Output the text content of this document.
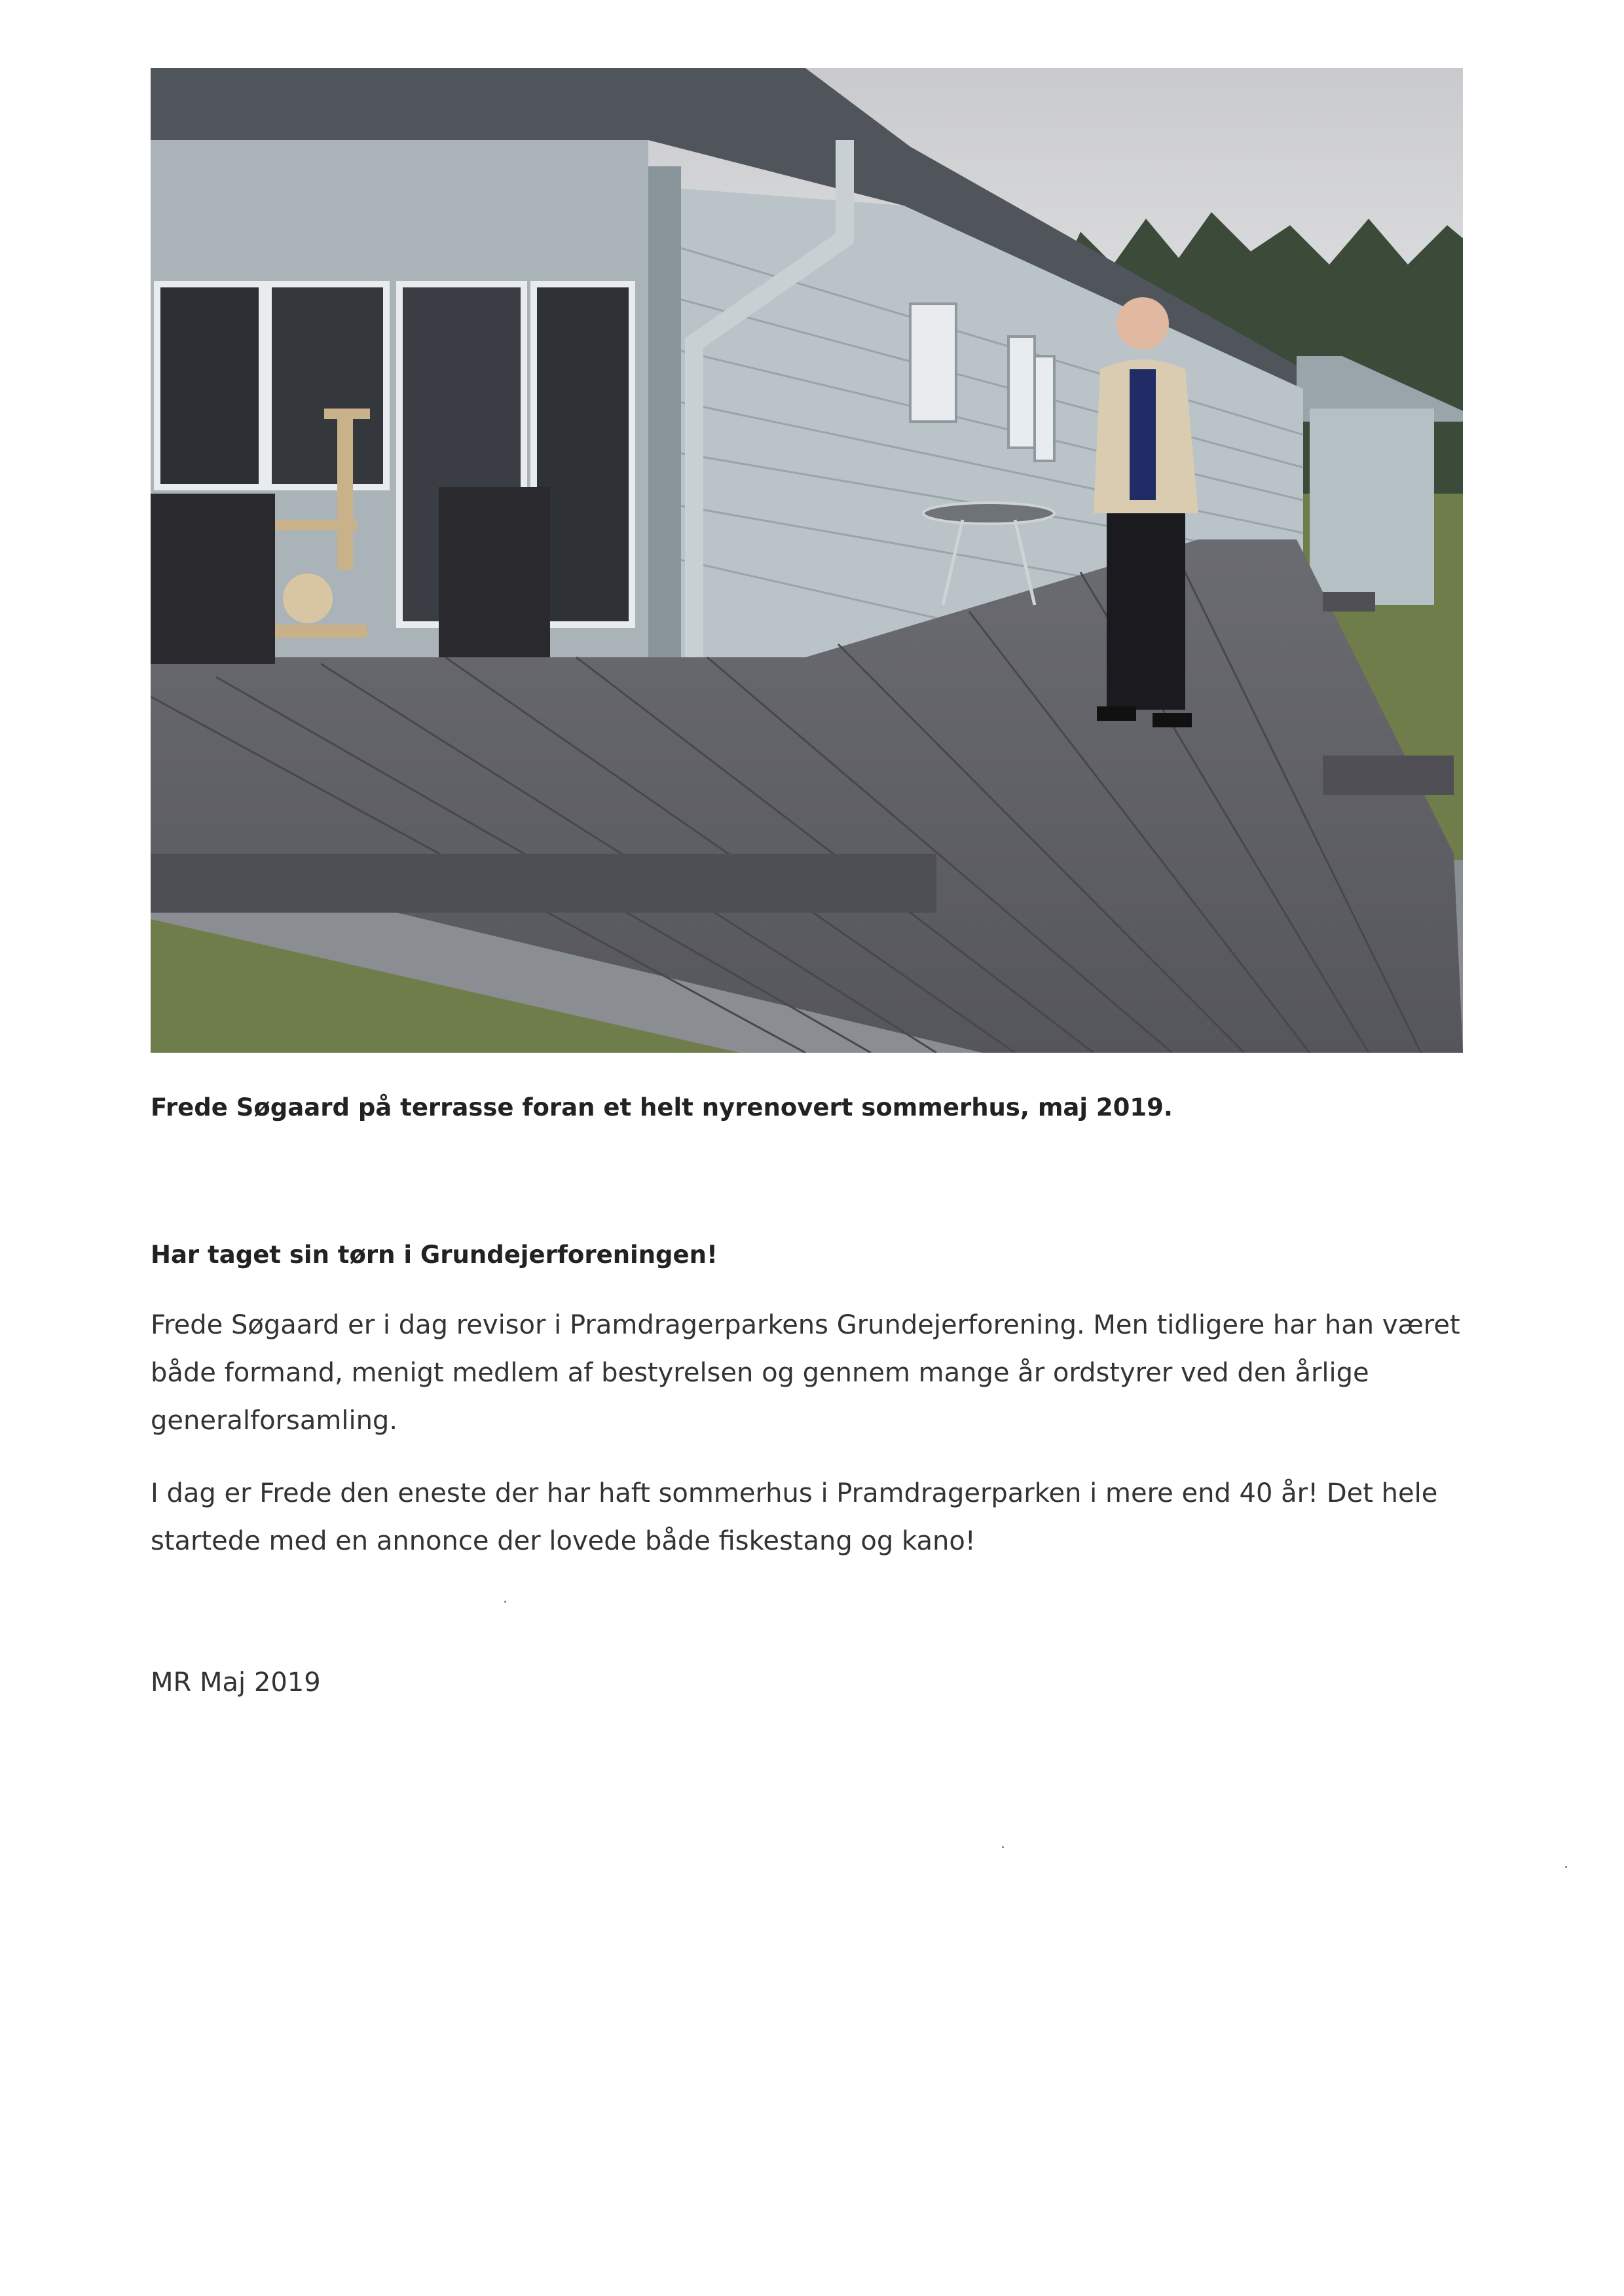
Frede Søgaard på terrasse foran et helt nyrenovert sommerhus, maj 2019.

Har taget sin tørn i Grundejerforeningen!

Frede Søgaard er i dag revisor i Pramdragerparkens Grundejerforening. Men tidligere har han været både formand, menigt medlem af bestyrelsen og gennem mange år ordstyrer ved den årlige generalforsamling.

I dag er Frede den eneste der har haft sommerhus i Pramdragerparken i mere end 40 år! Det hele startede med en annonce der lovede både fiskestang og kano!

MR Maj 2019
